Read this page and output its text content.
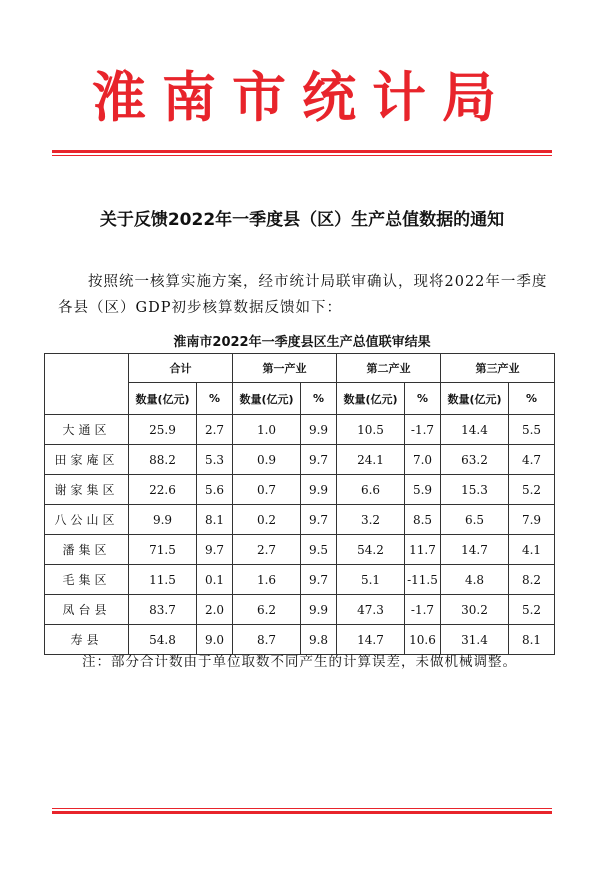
淮南市统计局
关于反馈2022年一季度县（区）生产总值数据的通知
按照统一核算实施方案，经市统计局联审确认，现将2022年一季度各县（区）GDP初步核算数据反馈如下：
淮南市2022年一季度县区生产总值联审结果
	合计		第一产业		第二产业		第三产业	
	数量(亿元)	%	数量(亿元)	%	数量(亿元)	%	数量(亿元)	%
大通区	25.9	2.7	1.0	9.9	10.5	-1.7	14.4	5.5
田家庵区	88.2	5.3	0.9	9.7	24.1	7.0	63.2	4.7
谢家集区	22.6	5.6	0.7	9.9	6.6	5.9	15.3	5.2
八公山区	9.9	8.1	0.2	9.7	3.2	8.5	6.5	7.9
潘集区	71.5	9.7	2.7	9.5	54.2	11.7	14.7	4.1
毛集区	11.5	0.1	1.6	9.7	5.1	-11.5	4.8	8.2
凤台县	83.7	2.0	6.2	9.9	47.3	-1.7	30.2	5.2
寿县	54.8	9.0	8.7	9.8	14.7	10.6	31.4	8.1
注：部分合计数由于单位取数不同产生的计算误差，未做机械调整。
